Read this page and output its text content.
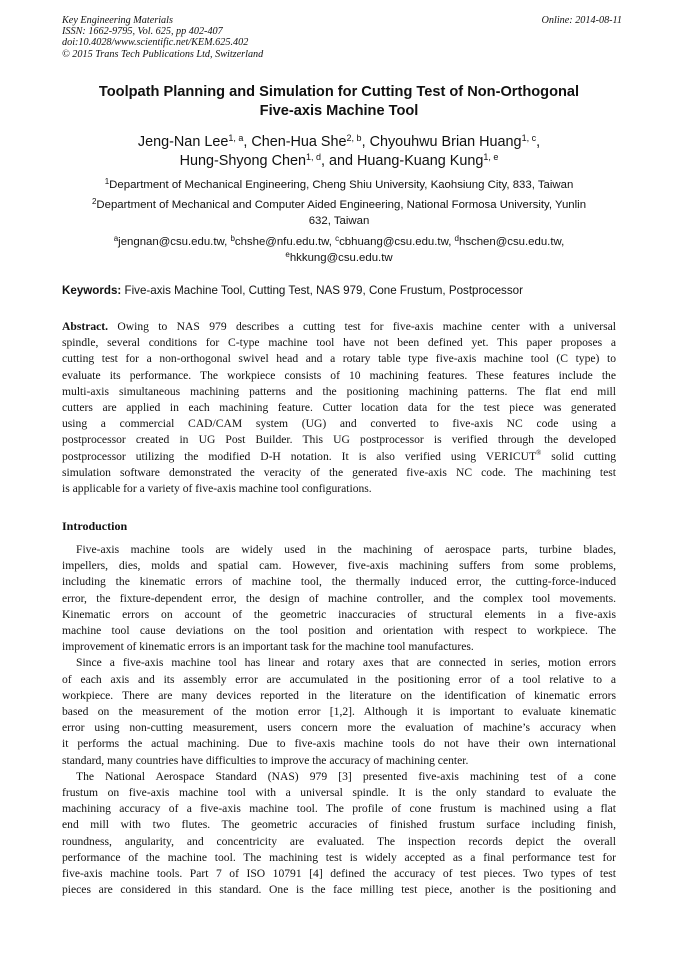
Key Engineering Materials
ISSN: 1662-9795, Vol. 625, pp 402-407
doi:10.4028/www.scientific.net/KEM.625.402
© 2015 Trans Tech Publications Ltd, Switzerland
Online: 2014-08-11
Toolpath Planning and Simulation for Cutting Test of Non-Orthogonal
Five-axis Machine Tool
Jeng-Nan Lee$^{1, a}$, Chen-Hua She$^{2, b}$, Chyouhwu Brian Huang$^{1, c}$,
Hung-Shyong Chen$^{1, d}$, and Huang-Kuang Kung$^{1, e}$
$^1$Department of Mechanical Engineering, Cheng Shiu University, Kaohsiung City, 833, Taiwan
$^2$Department of Mechanical and Computer Aided Engineering, National Formosa University, Yunlin
632, Taiwan
$^a$jengnan@csu.edu.tw, $^b$chshe@nfu.edu.tw, $^c$cbhuang@csu.edu.tw, $^d$hschen@csu.edu.tw,
$^e$hkkung@csu.edu.tw
Keywords: Five-axis Machine Tool, Cutting Test, NAS 979, Cone Frustum, Postprocessor
Abstract. Owing to NAS 979 describes a cutting test for five-axis machine center with a universal
spindle, several conditions for C-type machine tool have not been defined yet. This paper proposes a
cutting test for a non-orthogonal swivel head and a rotary table type five-axis machine tool (C type) to
evaluate its performance. The workpiece consists of 10 machining features. These features include the
multi-axis simultaneous machining patterns and the positioning machining patterns. The flat end mill
cutters are applied in each machining feature. Cutter location data for the test piece was generated
using a commercial CAD/CAM system (UG) and converted to five-axis NC code using a
postprocessor created in UG Post Builder. This UG postprocessor is verified through the developed
postprocessor utilizing the modified D-H notation. It is also verified using VERICUT® solid cutting
simulation software demonstrated the veracity of the generated five-axis NC code. The machining test
is applicable for a variety of five-axis machine tool configurations.
Introduction
Five-axis machine tools are widely used in the machining of aerospace parts, turbine blades,
impellers, dies, molds and spatial cam. However, five-axis machining suffers from some problems,
including the kinematic errors of machine tool, the thermally induced error, the cutting-force-induced
error, the fixture-dependent error, the design of machine controller, and the complex tool movements.
Kinematic errors on account of the geometric inaccuracies of structural elements in a five-axis
machine tool cause deviations on the tool position and orientation with respect to workpiece. The
improvement of kinematic errors is an important task for the machine tool manufactures.
Since a five-axis machine tool has linear and rotary axes that are connected in series, motion errors
of each axis and its assembly error are accumulated in the positioning error of a tool relative to a
workpiece. There are many devices reported in the literature on the identification of kinematic errors
based on the measurement of the motion error [1,2]. Although it is important to evaluate kinematic
error using non-cutting measurement, users concern more the evaluation of machine’s accuracy when
it performs the actual machining. Due to five-axis machine tools do not have their own international
standard, many countries have difficulties to improve the accuracy of machining center.
The National Aerospace Standard (NAS) 979 [3] presented five-axis machining test of a cone
frustum on five-axis machine tool with a universal spindle. It is the only standard to evaluate the
machining accuracy of a five-axis machine tool. The profile of cone frustum is machined using a flat
end mill with two flutes. The geometric accuracies of finished frustum surface including finish,
roundness, angularity, and concentricity are evaluated. The inspection records depict the overall
performance of the machine tool. The machining test is widely accepted as a final performance test for
five-axis machine tools. Part 7 of ISO 10791 [4] defined the accuracy of test pieces. Two types of test
pieces are considered in this standard. One is the face milling test piece, another is the positioning and
